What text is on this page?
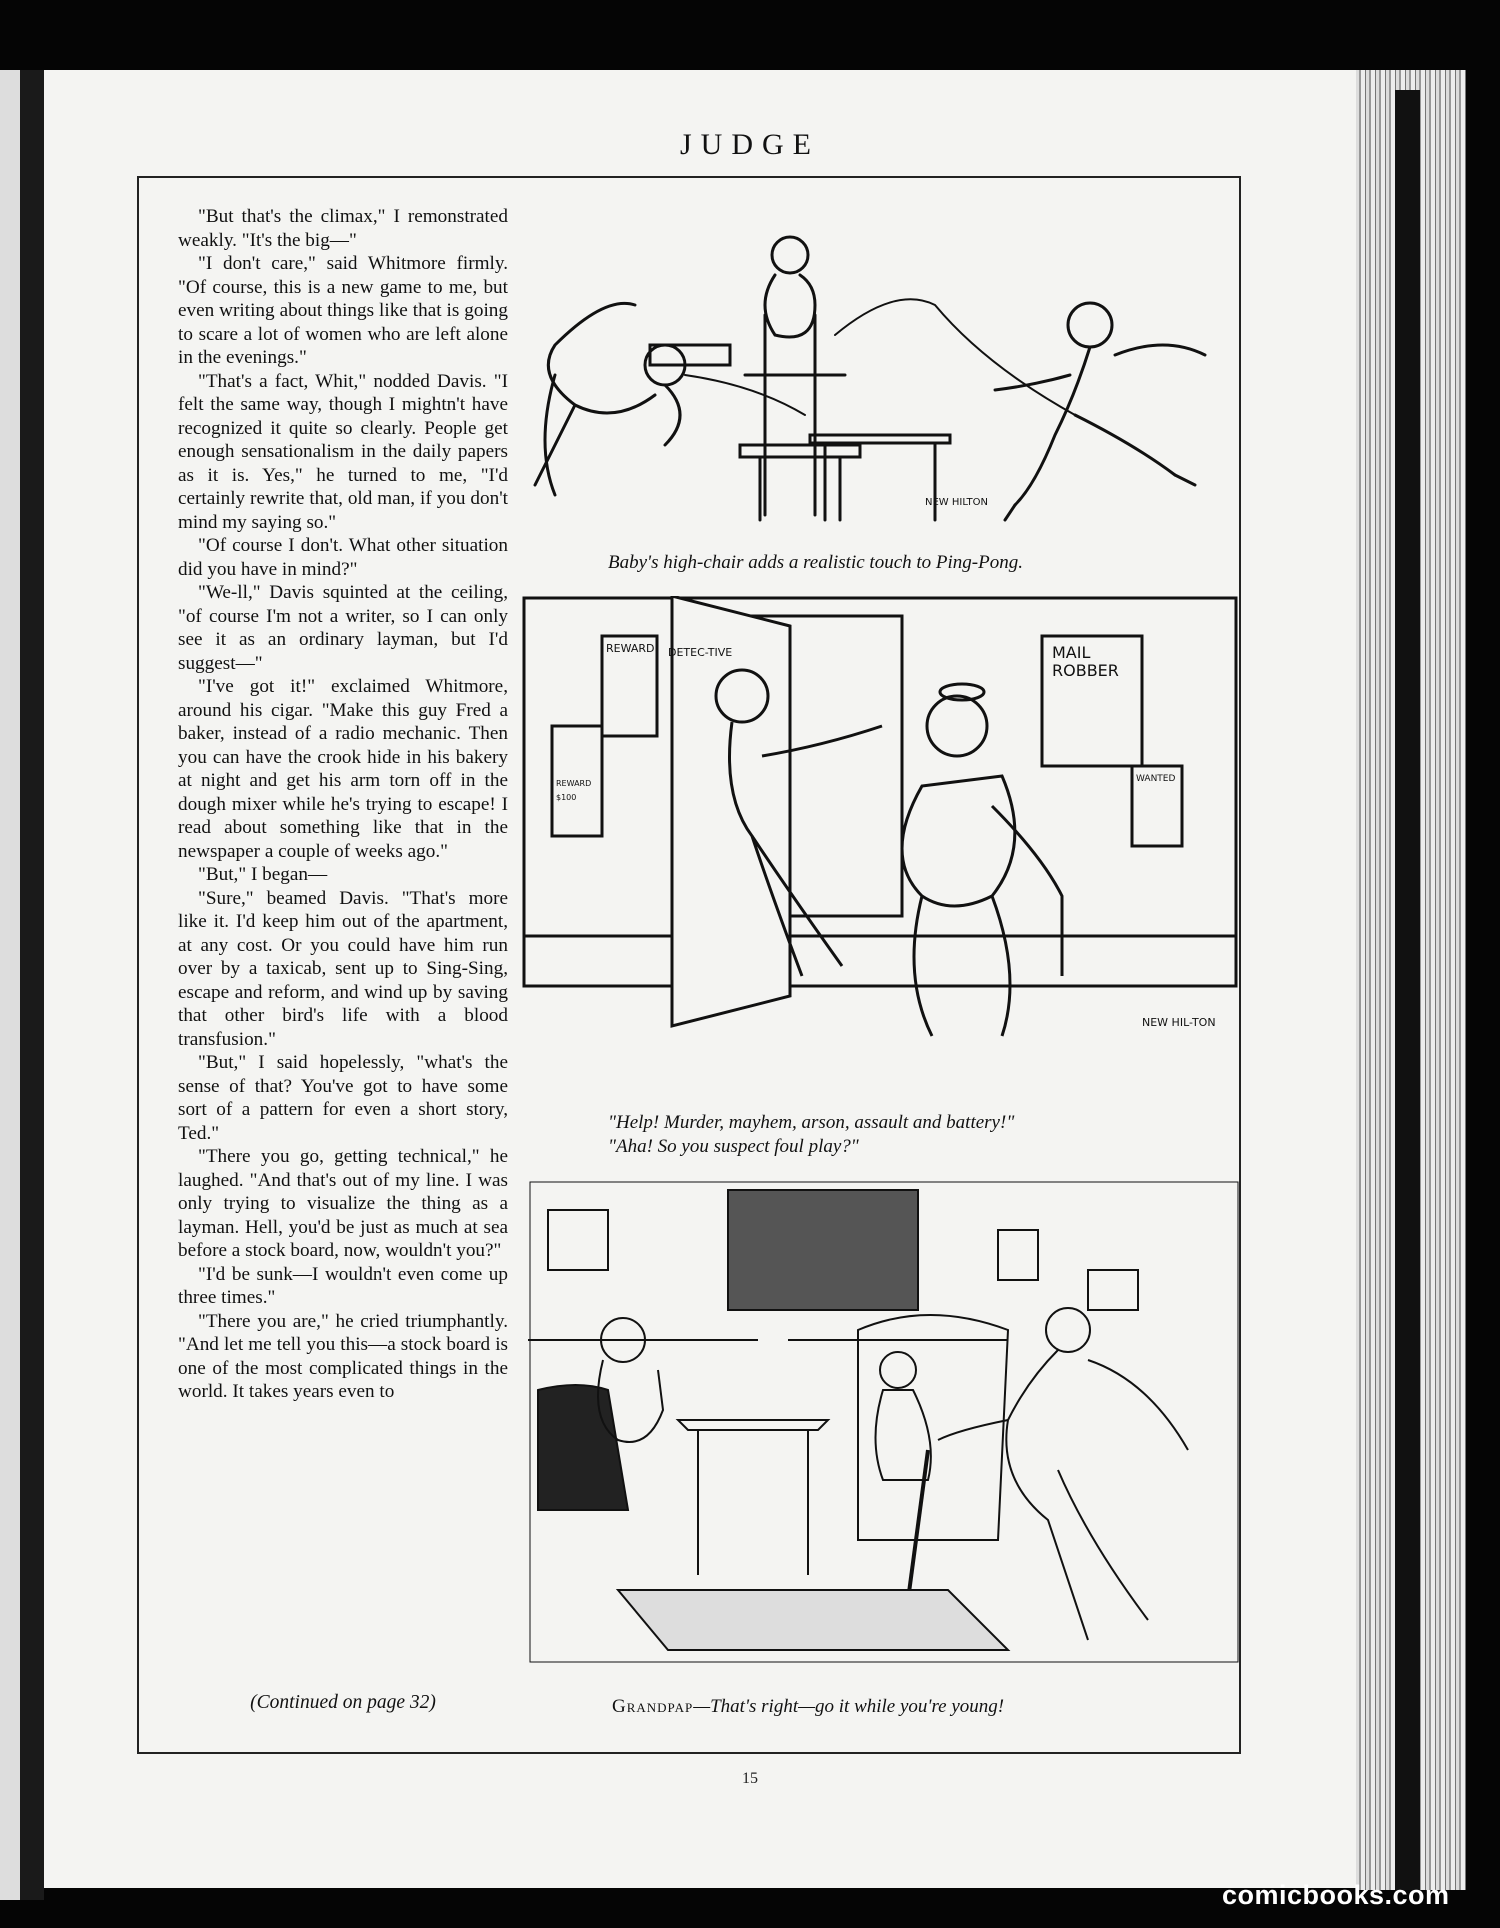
JUDGE

"But that's the climax," I remonstrated weakly. "It's the big—"

"I don't care," said Whitmore firmly. "Of course, this is a new game to me, but even writing about things like that is going to scare a lot of women who are left alone in the evenings."

"That's a fact, Whit," nodded Davis. "I felt the same way, though I mightn't have recognized it quite so clearly. People get enough sensationalism in the daily papers as it is. Yes," he turned to me, "I'd certainly rewrite that, old man, if you don't mind my saying so."

"Of course I don't. What other situation did you have in mind?"

"We-ll," Davis squinted at the ceiling, "of course I'm not a writer, so I can only see it as an ordinary layman, but I'd suggest—"

"I've got it!" exclaimed Whitmore, around his cigar. "Make this guy Fred a baker, instead of a radio mechanic. Then you can have the crook hide in his bakery at night and get his arm torn off in the dough mixer while he's trying to escape! I read about something like that in the newspaper a couple of weeks ago."

"But," I began—

"Sure," beamed Davis. "That's more like it. I'd keep him out of the apartment, at any cost. Or you could have him run over by a taxicab, sent up to Sing-Sing, escape and reform, and wind up by saving that other bird's life with a blood transfusion."

"But," I said hopelessly, "what's the sense of that? You've got to have some sort of a pattern for even a short story, Ted."

"There you go, getting technical," he laughed. "And that's out of my line. I was only trying to visualize the thing as a layman. Hell, you'd be just as much at sea before a stock board, now, wouldn't you?"

"I'd be sunk—I wouldn't even come up three times."

"There you are," he cried triumphantly. "And let me tell you this—a stock board is one of the most complicated things in the world. It takes years even to

(Continued on page 32)
NEW HILTON
Baby's high-chair adds a realistic touch to Ping-Pong.
DETEC-TIVE
REWARD
REWARD
$100
MAIL
ROBBER
WANTED
NEW HIL-TON
"Help! Murder, mayhem, arson, assault and battery!"
"Aha! So you suspect foul play?"
Grandpap—That's right—go it while you're young!
15
comicbooks.com
